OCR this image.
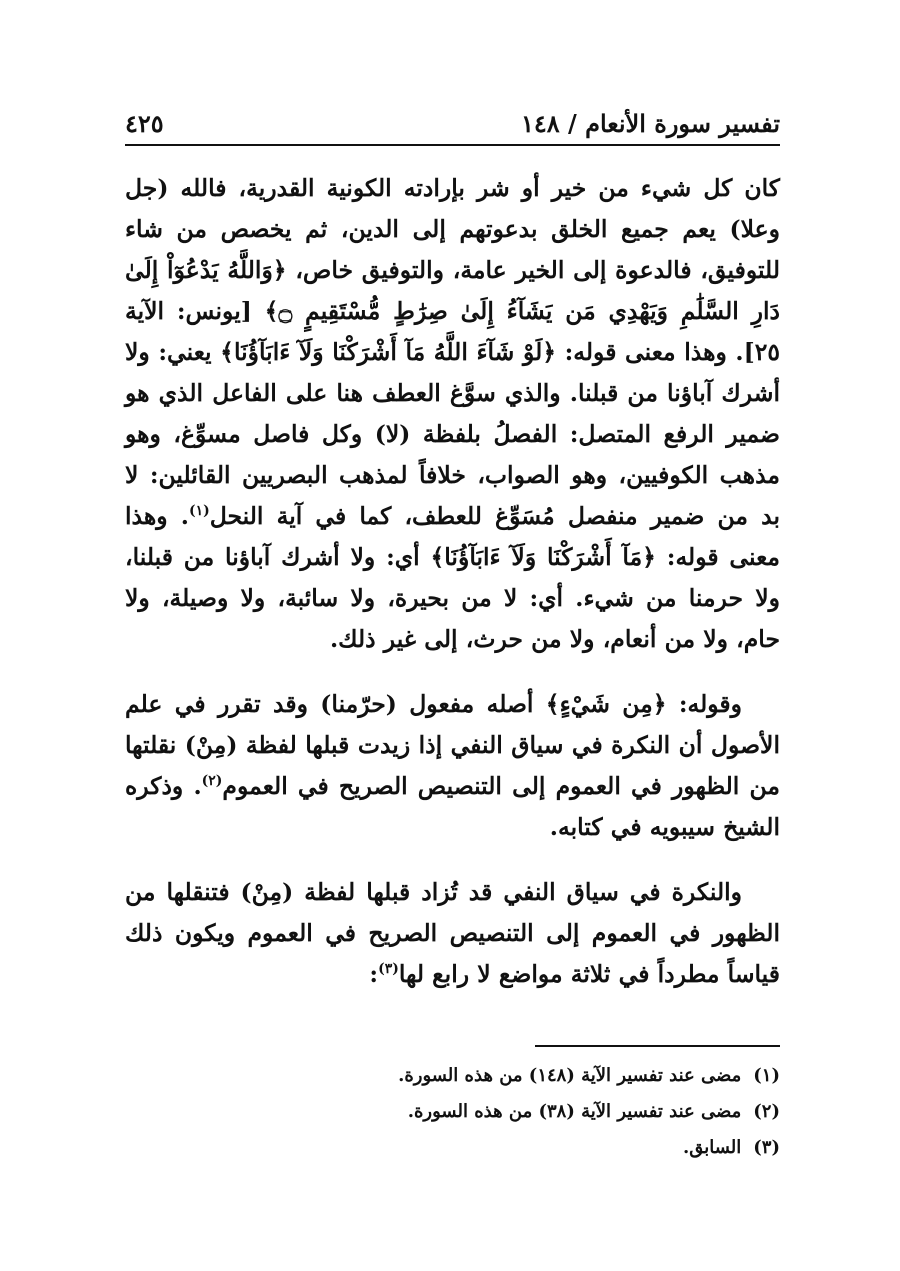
تفسير سورة الأنعام / ١٤٨
٤٢٥

كان كل شيء من خير أو شر بإرادته الكونية القدرية، فالله (جل وعلا) يعم جميع الخلق بدعوتهم إلى الدين، ثم يخصص من شاء للتوفيق، فالدعوة إلى الخير عامة، والتوفيق خاص، ﴿وَاللَّهُ يَدْعُوٓاْ إِلَىٰ دَارِ السَّلَٰمِ وَيَهْدِي مَن يَشَآءُ إِلَىٰ صِرَٰطٍ مُّسْتَقِيمٍ ۝﴾ [يونس: الآية ٢٥]. وهذا معنى قوله: ﴿لَوْ شَآءَ اللَّهُ مَآ أَشْرَكْنَا وَلَآ ءَابَآؤُنَا﴾ يعني: ولا أشرك آباؤنا من قبلنا. والذي سوَّغ العطف هنا على الفاعل الذي هو ضمير الرفع المتصل: الفصلُ بلفظة (لا) وكل فاصل مسوِّغ، وهو مذهب الكوفيين، وهو الصواب، خلافاً لمذهب البصريين القائلين: لا بد من ضمير منفصل مُسَوِّغ للعطف، كما في آية النحل$^{(١)}$. وهذا معنى قوله: ﴿مَآ أَشْرَكْنَا وَلَآ ءَابَآؤُنَا﴾ أي: ولا أشرك آباؤنا من قبلنا، ولا حرمنا من شيء. أي: لا من بحيرة، ولا سائبة، ولا وصيلة، ولا حام، ولا من أنعام، ولا من حرث، إلى غير ذلك.

وقوله: ﴿مِن شَيْءٍ﴾ أصله مفعول (حرّمنا) وقد تقرر في علم الأصول أن النكرة في سياق النفي إذا زيدت قبلها لفظة (مِنْ) نقلتها من الظهور في العموم إلى التنصيص الصريح في العموم$^{(٢)}$. وذكره الشيخ سيبويه في كتابه.

والنكرة في سياق النفي قد تُزاد قبلها لفظة (مِنْ) فتنقلها من الظهور في العموم إلى التنصيص الصريح في العموم ويكون ذلك قياساً مطرداً في ثلاثة مواضع لا رابع لها$^{(٣)}$:

(١)
مضى عند تفسير الآية (١٤٨) من هذه السورة.
(٢)
مضى عند تفسير الآية (٣٨) من هذه السورة.
(٣)
السابق.
